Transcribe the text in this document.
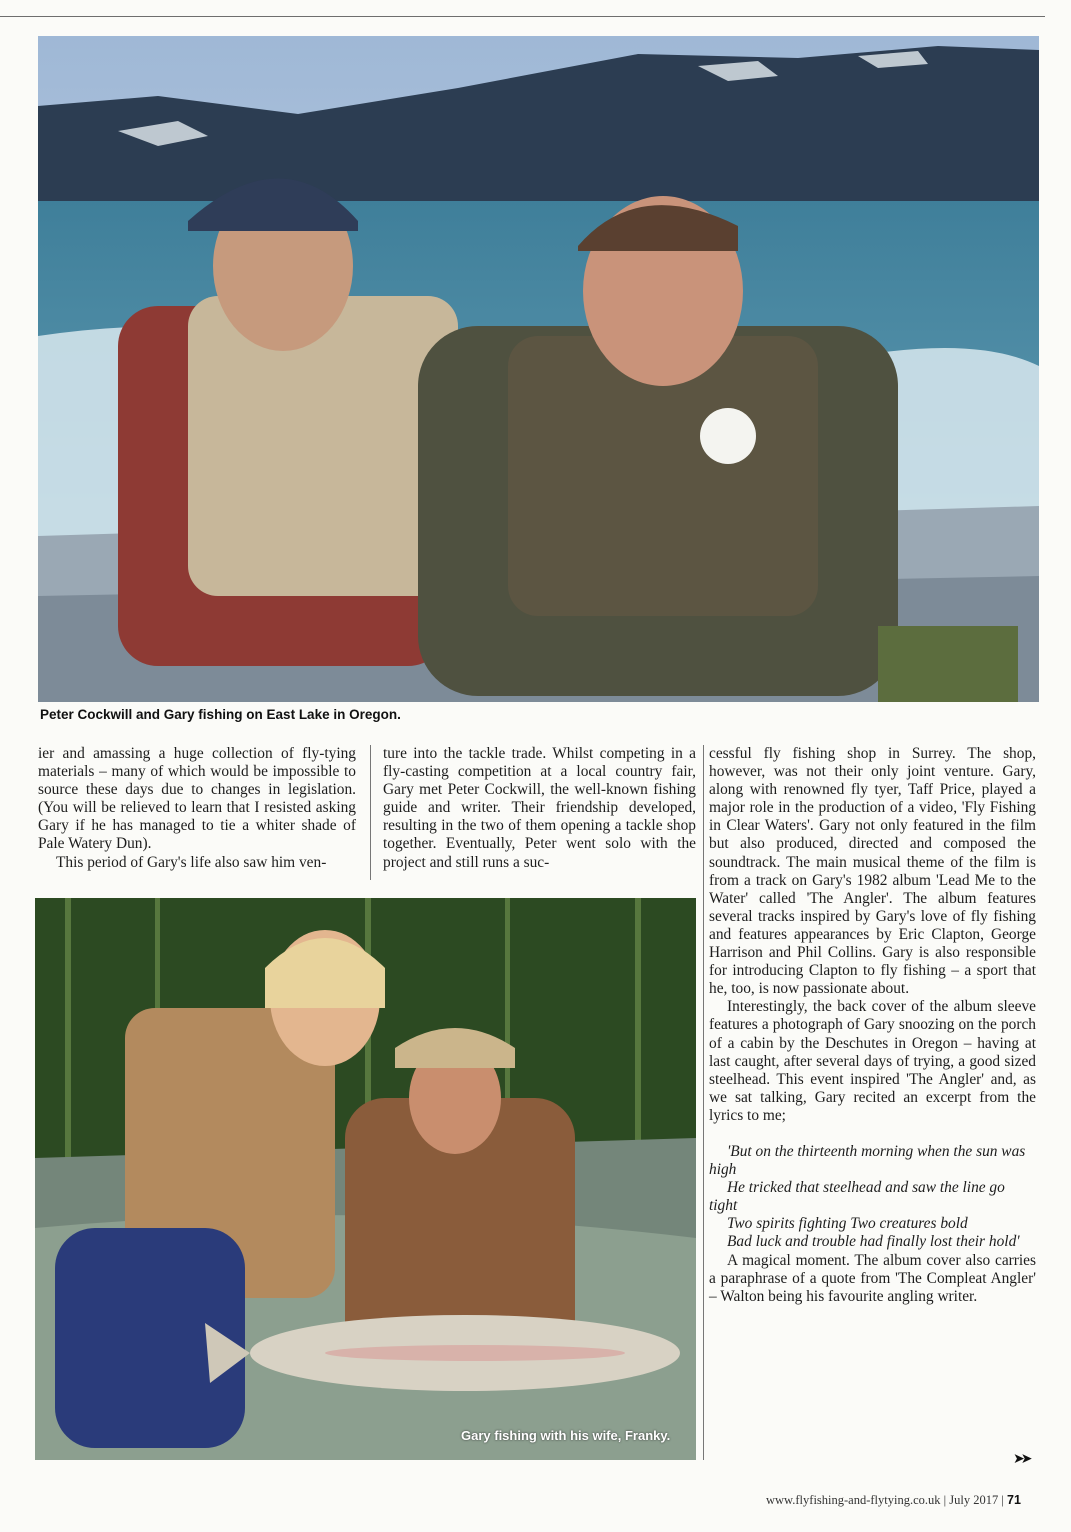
Peter Cockwill and Gary fishing on East Lake in Oregon.

ier and amassing a huge collection of fly-tying materials – many of which would be impossible to source these days due to changes in legislation. (You will be relieved to learn that I resisted asking Gary if he has managed to tie a whiter shade of Pale Watery Dun).

This period of Gary's life also saw him ven-

ture into the tackle trade. Whilst competing in a fly-casting competition at a local country fair, Gary met Peter Cockwill, the well-known fishing guide and writer. Their friendship developed, resulting in the two of them opening a tackle shop together. Eventually, Peter went solo with the project and still runs a suc-

Gary fishing with his wife, Franky.

cessful fly fishing shop in Surrey. The shop, however, was not their only joint venture. Gary, along with renowned fly tyer, Taff Price, played a major role in the production of a video, 'Fly Fishing in Clear Waters'. Gary not only featured in the film but also produced, directed and composed the soundtrack. The main musical theme of the film is from a track on Gary's 1982 album 'Lead Me to the Water' called 'The Angler'. The album features several tracks inspired by Gary's love of fly fishing and features appearances by Eric Clapton, George Harrison and Phil Collins. Gary is also responsible for introducing Clapton to fly fishing – a sport that he, too, is now passionate about.

Interestingly, the back cover of the album sleeve features a photograph of Gary snoozing on the porch of a cabin by the Deschutes in Oregon – having at last caught, after several days of trying, a good sized steelhead. This event inspired 'The Angler' and, as we sat talking, Gary recited an excerpt from the lyrics to me;

'But on the thirteenth morning when the sun was high

He tricked that steelhead and saw the line go tight

Two spirits fighting Two creatures bold

Bad luck and trouble had finally lost their hold'

A magical moment. The album cover also carries a paraphrase of a quote from 'The Compleat Angler' – Walton being his favourite angling writer.

➤➤
www.flyfishing-and-flytying.co.uk | July 2017 | 71
